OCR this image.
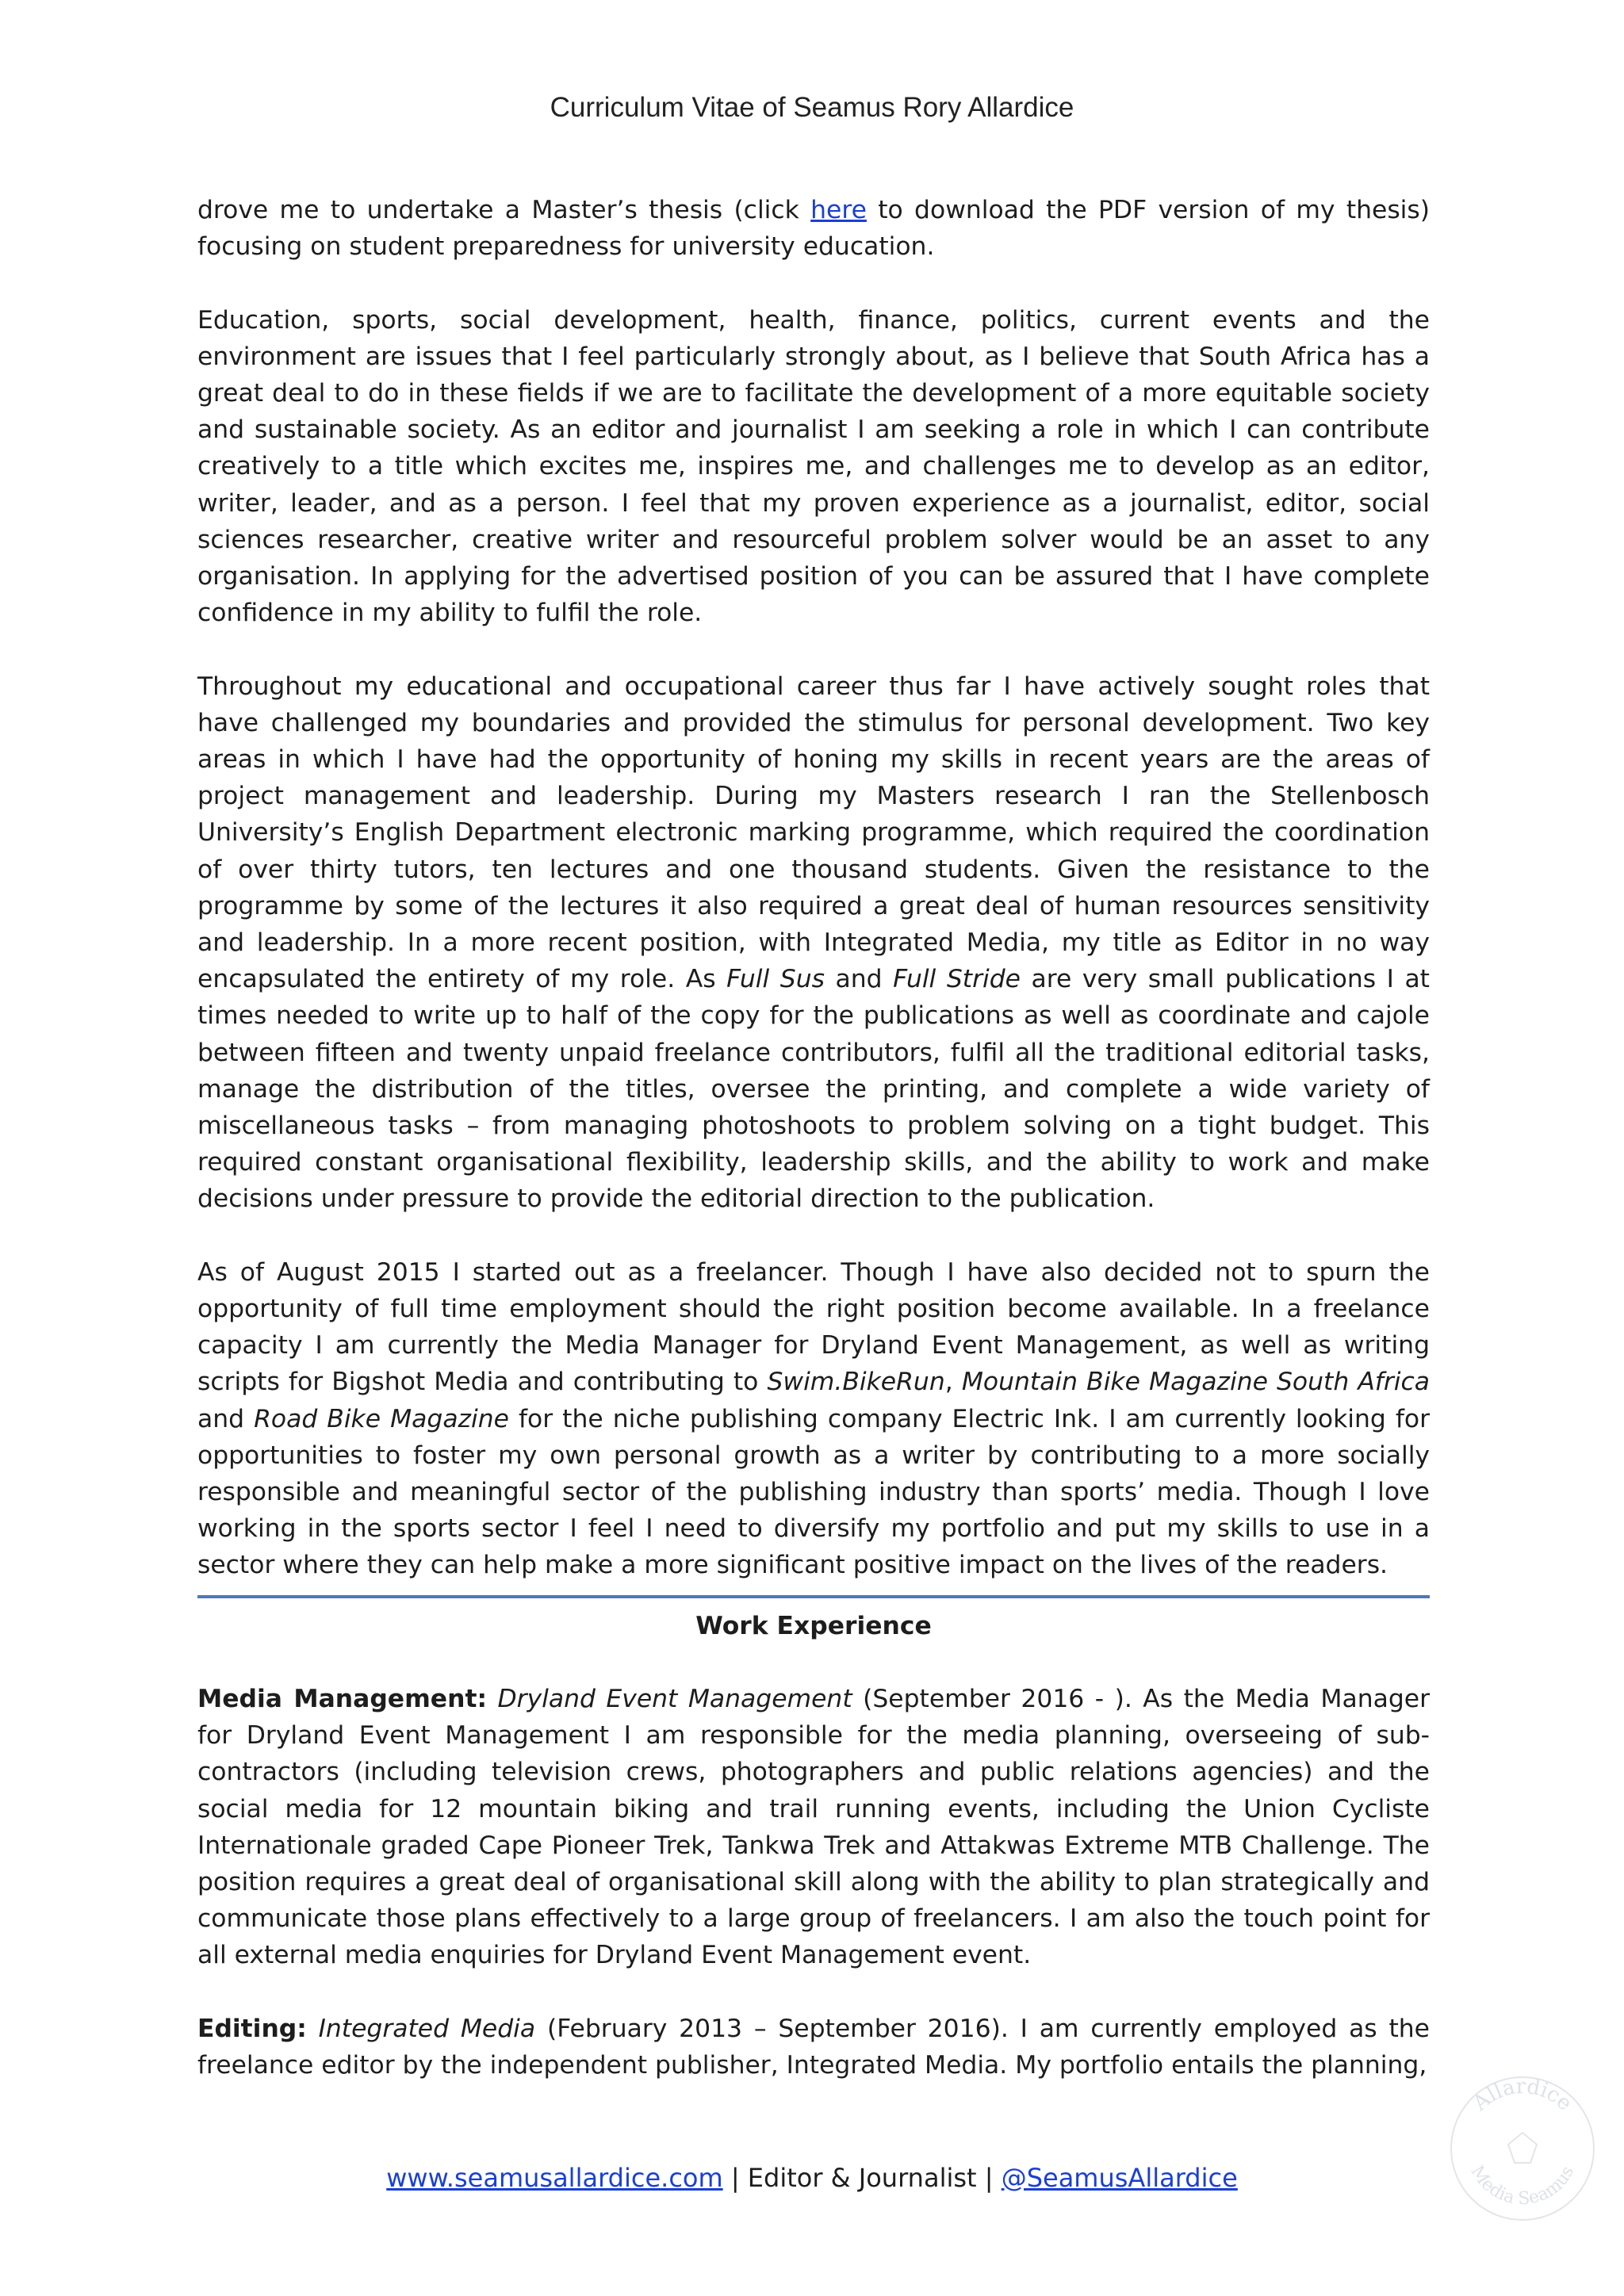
Curriculum Vitae of Seamus Rory Allardice

drove me to undertake a Master’s thesis (click here to download the PDF version of my thesis) focusing on student preparedness for university education.

Education, sports, social development, health, finance, politics, current events and the environment are issues that I feel particularly strongly about, as I believe that South Africa has a great deal to do in these fields if we are to facilitate the development of a more equitable society and sustainable society. As an editor and journalist I am seeking a role in which I can contribute creatively to a title which excites me, inspires me, and challenges me to develop as an editor, writer, leader, and as a person. I feel that my proven experience as a journalist, editor, social sciences researcher, creative writer and resourceful problem solver would be an asset to any organisation. In applying for the advertised position of you can be assured that I have complete confidence in my ability to fulfil the role.

Throughout my educational and occupational career thus far I have actively sought roles that have challenged my boundaries and provided the stimulus for personal development. Two key areas in which I have had the opportunity of honing my skills in recent years are the areas of project management and leadership. During my Masters research I ran the Stellenbosch University’s English Department electronic marking programme, which required the coordination of over thirty tutors, ten lectures and one thousand students. Given the resistance to the programme by some of the lectures it also required a great deal of human resources sensitivity and leadership. In a more recent position, with Integrated Media, my title as Editor in no way encapsulated the entirety of my role. As Full Sus and Full Stride are very small publications I at times needed to write up to half of the copy for the publications as well as coordinate and cajole between fifteen and twenty unpaid freelance contributors, fulfil all the traditional editorial tasks, manage the distribution of the titles, oversee the printing, and complete a wide variety of miscellaneous tasks – from managing photoshoots to problem solving on a tight budget. This required constant organisational flexibility, leadership skills, and the ability to work and make decisions under pressure to provide the editorial direction to the publication.

As of August 2015 I started out as a freelancer. Though I have also decided not to spurn the opportunity of full time employment should the right position become available. In a freelance capacity I am currently the Media Manager for Dryland Event Management, as well as writing scripts for Bigshot Media and contributing to Swim.BikeRun, Mountain Bike Magazine South Africa and Road Bike Magazine for the niche publishing company Electric Ink. I am currently looking for opportunities to foster my own personal growth as a writer by contributing to a more socially responsible and meaningful sector of the publishing industry than sports’ media. Though I love working in the sports sector I feel I need to diversify my portfolio and put my skills to use in a sector where they can help make a more significant positive impact on the lives of the readers.

Work Experience

Media Management: Dryland Event Management (September 2016 - ). As the Media Manager for Dryland Event Management I am responsible for the media planning, overseeing of sub-contractors (including television crews, photographers and public relations agencies) and the social media for 12 mountain biking and trail running events, including the Union Cycliste Internationale graded Cape Pioneer Trek, Tankwa Trek and Attakwas Extreme MTB Challenge. The position requires a great deal of organisational skill along with the ability to plan strategically and communicate those plans effectively to a large group of freelancers. I am also the touch point for all external media enquiries for Dryland Event Management event.

Editing: Integrated Media (February 2013 – September 2016). I am currently employed as the freelance editor by the independent publisher, Integrated Media. My portfolio entails the planning,

www.seamusallardice.com | Editor & Journalist | @SeamusAllardice
Allardice
Media Seamus
